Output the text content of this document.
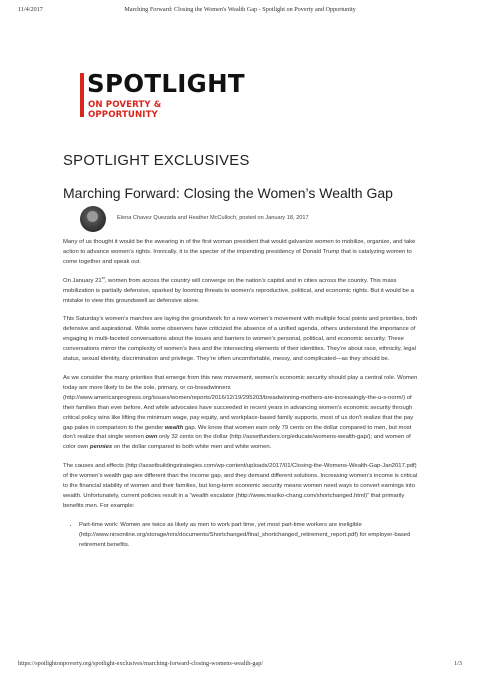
11/4/2017	Marching Forward: Closing the Women's Wealth Gap - Spotlight on Poverty and Opportunity
SPOTLIGHT
ON POVERTY & OPPORTUNITY
SPOTLIGHT EXCLUSIVES
Marching Forward: Closing the Women’s Wealth Gap
Elena Chavez Quezada and Heather McCulloch, posted on January 18, 2017

Many of us thought it would be the swearing in of the first woman president that would galvanize women to mobilize, organize, and take action to advance women’s rights. Ironically, it is the specter of the impending presidency of Donald Trump that is catalyzing women to come together and speak out.

On January 21st, women from across the country will converge on the nation’s capitol and in cities across the country. This mass mobilization is partially defensive, sparked by looming threats to women’s reproductive, political, and economic rights. But it would be a mistake to view this groundswell as defensive alone.

This Saturday’s women’s marches are laying the groundwork for a new women’s movement with multiple focal points and priorities, both defensive and aspirational. While some observers have criticized the absence of a unified agenda, others understand the importance of engaging in multi-faceted conversations about the issues and barriers to women’s personal, political, and economic security. These conversations mirror the complexity of women’s lives and the intersecting elements of their identities. They’re about race, ethnicity, legal status, sexual identity, discrimination and privilege. They’re often uncomfortable, messy, and complicated—as they should be.

As we consider the many priorities that emerge from this new movement, women’s economic security should play a central role. Women today are more likely to be the sole, primary, or co-breadwinners (http://www.americanprogress.org/issues/women/reports/2016/12/19/295203/breadwinning-mothers-are-increasingly-the-u-s-norm/) of their families than ever before. And while advocates have succeeded in recent years in advancing women’s economic security through critical policy wins like lifting the minimum wage, pay equity, and workplace-based family supports, most of us don’t realize that the pay gap pales in comparison to the gender wealth gap. We know that women earn only 79 cents on the dollar compared to men, but most don’t realize that single women own only 32 cents on the dollar (http://assetfunders.org/educate/womens-wealth-gap/); and women of color own pennies on the dollar compared to both white men and white women.

The causes and effects (http://assetbuildingstrategies.com/wp-content/uploads/2017/01/Closing-the-Womens-Wealth-Gap-Jan2017.pdf) of the women’s wealth gap are different than the income gap, and they demand different solutions. Increasing women’s income is critical to the financial stability of women and their families, but long-term economic security means women need ways to convert earnings into wealth. Unfortunately, current policies result in a “wealth escalator (http://www.mariko-chang.com/shortchanged.html)” that primarily benefits men. For example:

• Part-time work: Women are twice as likely as men to work part time, yet most part-time workers are ineligible (http://www.nirsonline.org/storage/nirs/documents/Shortchanged/final_shortchanged_retirement_report.pdf) for employer-based retirement benefits.
https://spotlightonpoverty.org/spotlight-exclusives/marching-forward-closing-womens-wealth-gap/	1/3
